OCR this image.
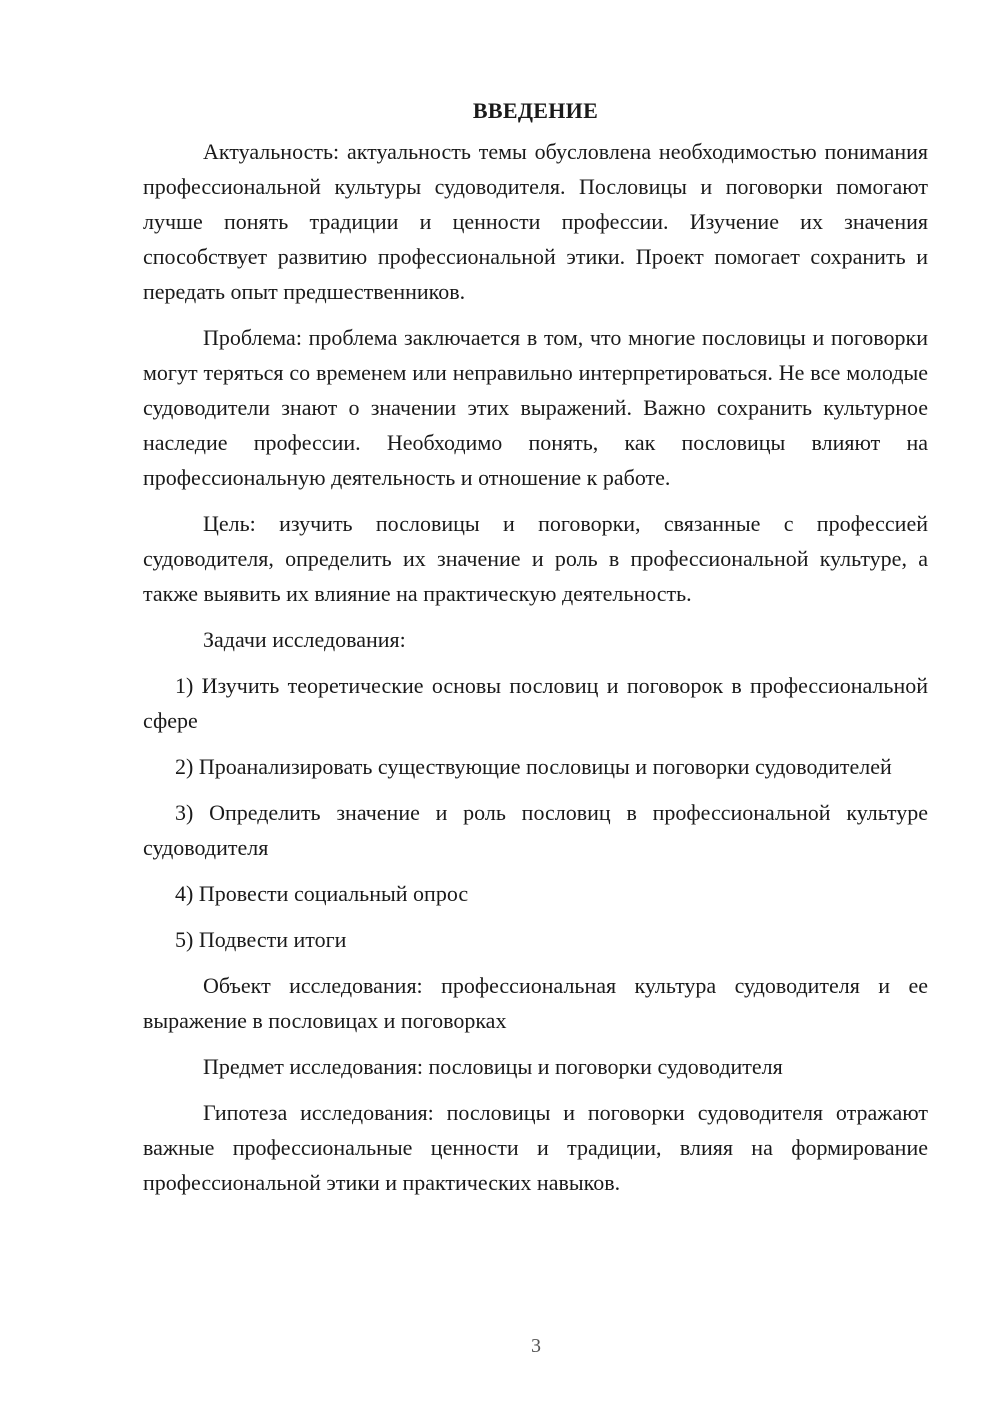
ВВЕДЕНИЕ

Актуальность: актуальность темы обусловлена необходимостью понимания профессиональной культуры судоводителя. Пословицы и поговорки помогают лучше понять традиции и ценности профессии. Изучение их значения способствует развитию профессиональной этики. Проект помогает сохранить и передать опыт предшественников.

Проблема: проблема заключается в том, что многие пословицы и поговорки могут теряться со временем или неправильно интерпретироваться. Не все молодые судоводители знают о значении этих выражений. Важно сохранить культурное наследие профессии. Необходимо понять, как пословицы влияют на профессиональную деятельность и отношение к работе.

Цель: изучить пословицы и поговорки, связанные с профессией судоводителя, определить их значение и роль в профессиональной культуре, а также выявить их влияние на практическую деятельность.

Задачи исследования:

1) Изучить теоретические основы пословиц и поговорок в профессиональной сфере

2) Проанализировать существующие пословицы и поговорки судоводителей

3) Определить значение и роль пословиц в профессиональной культуре судоводителя

4) Провести социальный опрос

5) Подвести итоги

Объект исследования: профессиональная культура судоводителя и ее выражение в пословицах и поговорках

Предмет исследования: пословицы и поговорки судоводителя

Гипотеза исследования: пословицы и поговорки судоводителя отражают важные профессиональные ценности и традиции, влияя на формирование профессиональной этики и практических навыков.

3
